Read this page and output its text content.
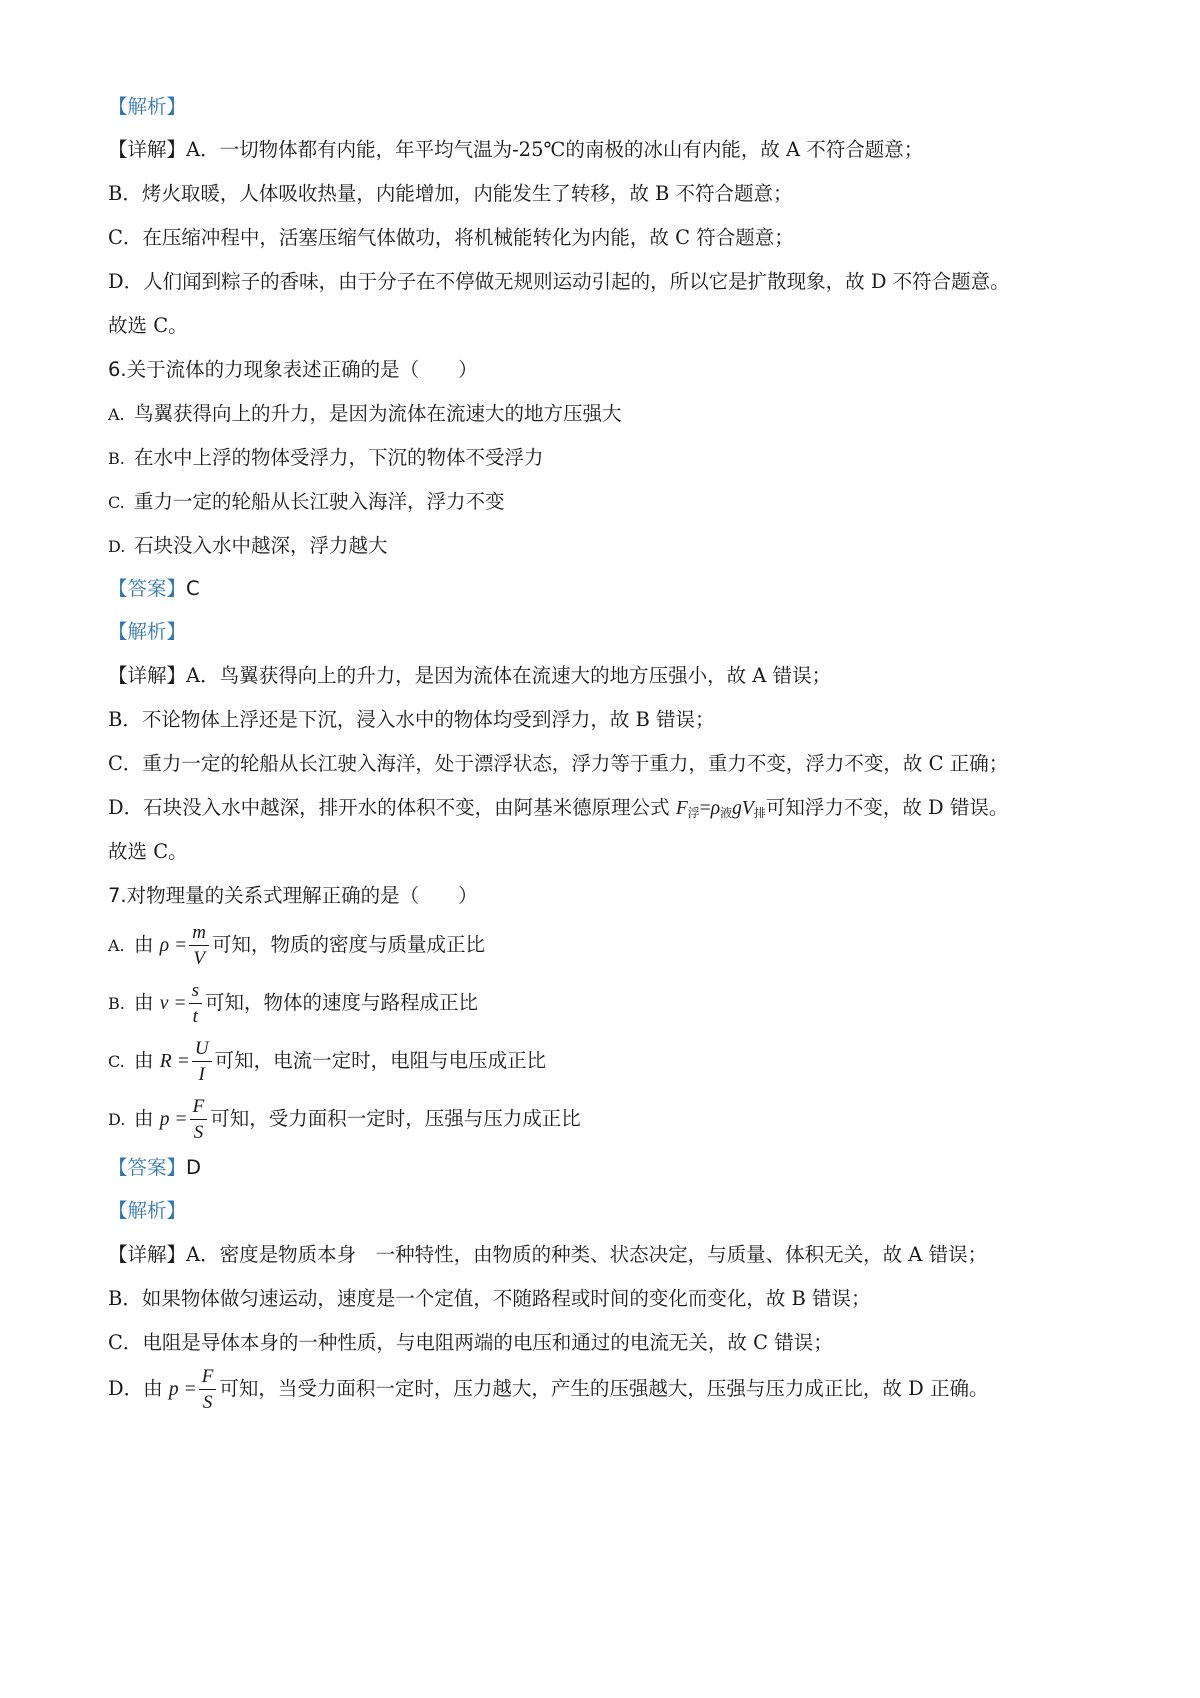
【解析】
【详解】A．一切物体都有内能，年平均气温为-25℃的南极的冰山有内能，故 A 不符合题意；
B．烤火取暖，人体吸收热量，内能增加，内能发生了转移，故 B 不符合题意；
C．在压缩冲程中，活塞压缩气体做功，将机械能转化为内能，故 C 符合题意；
D．人们闻到粽子的香味，由于分子在不停做无规则运动引起的，所以它是扩散现象，故 D 不符合题意。
故选 C。
6.关于流体的力现象表述正确的是（　　）
A. 鸟翼获得向上的升力，是因为流体在流速大的地方压强大
B. 在水中上浮的物体受浮力，下沉的物体不受浮力
C. 重力一定的轮船从长江驶入海洋，浮力不变
D. 石块没入水中越深，浮力越大
【答案】C
【解析】
【详解】A．鸟翼获得向上的升力，是因为流体在流速大的地方压强小，故 A 错误；
B．不论物体上浮还是下沉，浸入水中的物体均受到浮力，故 B 错误；
C．重力一定的轮船从长江驶入海洋，处于漂浮状态，浮力等于重力，重力不变，浮力不变，故 C 正确；
D．石块没入水中越深，排开水的体积不变，由阿基米德原理公式 $F_浮=\rho_液gV_排$可知浮力不变，故 D 错误。
故选 C。
7.对物理量的关系式理解正确的是（　　）
A. 由 $\rho = \frac{m}{V}$ 可知，物质的密度与质量成正比
B. 由 $v = \frac{s}{t}$ 可知，物体的速度与路程成正比
C. 由 $R = \frac{U}{I}$ 可知，电流一定时，电阻与电压成正比
D. 由 $p = \frac{F}{S}$ 可知，受力面积一定时，压强与压力成正比
【答案】D
【解析】
【详解】A．密度是物质本身　一种特性，由物质的种类、状态决定，与质量、体积无关，故 A 错误；
B．如果物体做匀速运动，速度是一个定值，不随路程或时间的变化而变化，故 B 错误；
C．电阻是导体本身的一种性质，与电阻两端的电压和通过的电流无关，故 C 错误；
D．由 $p = \frac{F}{S}$ 可知，当受力面积一定时，压力越大，产生的压强越大，压强与压力成正比，故 D 正确。
